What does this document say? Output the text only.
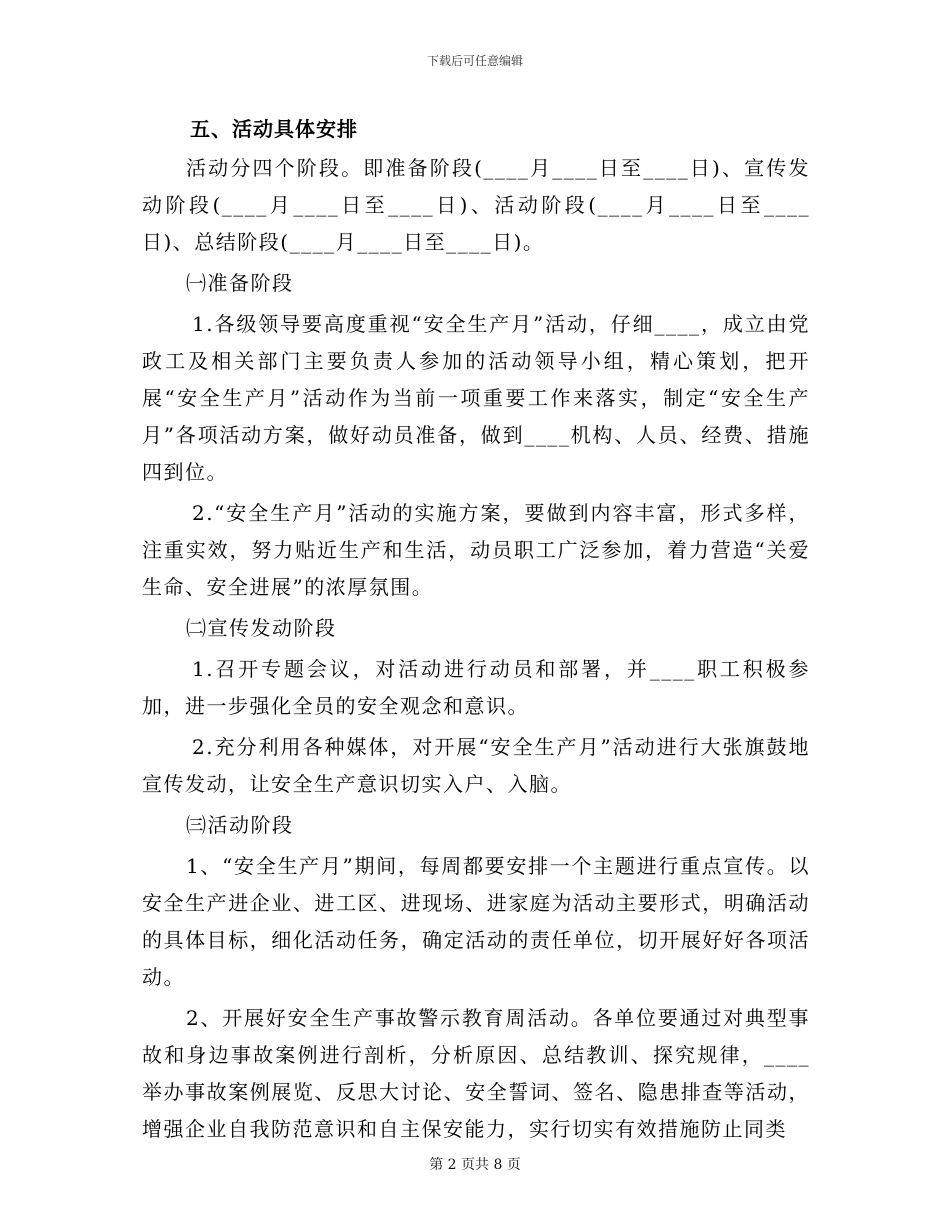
下载后可任意编辑

五、活动具体安排

活动分四个阶段。即准备阶段(____月____日至____日)、宣传发动阶段(____月____日至____日)、活动阶段(____月____日至____日)、总结阶段(____月____日至____日)。

㈠准备阶段

1.各级领导要高度重视“安全生产月”活动，仔细____，成立由党政工及相关部门主要负责人参加的活动领导小组，精心策划，把开展“安全生产月”活动作为当前一项重要工作来落实，制定“安全生产月”各项活动方案，做好动员准备，做到____机构、人员、经费、措施四到位。

2.“安全生产月”活动的实施方案，要做到内容丰富，形式多样，注重实效，努力贴近生产和生活，动员职工广泛参加，着力营造“关爱生命、安全进展”的浓厚氛围。

㈡宣传发动阶段

1.召开专题会议，对活动进行动员和部署，并____职工积极参加，进一步强化全员的安全观念和意识。

2.充分利用各种媒体，对开展“安全生产月”活动进行大张旗鼓地宣传发动，让安全生产意识切实入户、入脑。

㈢活动阶段

1、“安全生产月”期间，每周都要安排一个主题进行重点宣传。以安全生产进企业、进工区、进现场、进家庭为活动主要形式，明确活动的具体目标，细化活动任务，确定活动的责任单位，切开展好好各项活动。

2、开展好安全生产事故警示教育周活动。各单位要通过对典型事故和身边事故案例进行剖析，分析原因、总结教训、探究规律，____举办事故案例展览、反思大讨论、安全誓词、签名、隐患排查等活动，增强企业自我防范意识和自主保安能力，实行切实有效措施防止同类

第 2 页共 8 页
